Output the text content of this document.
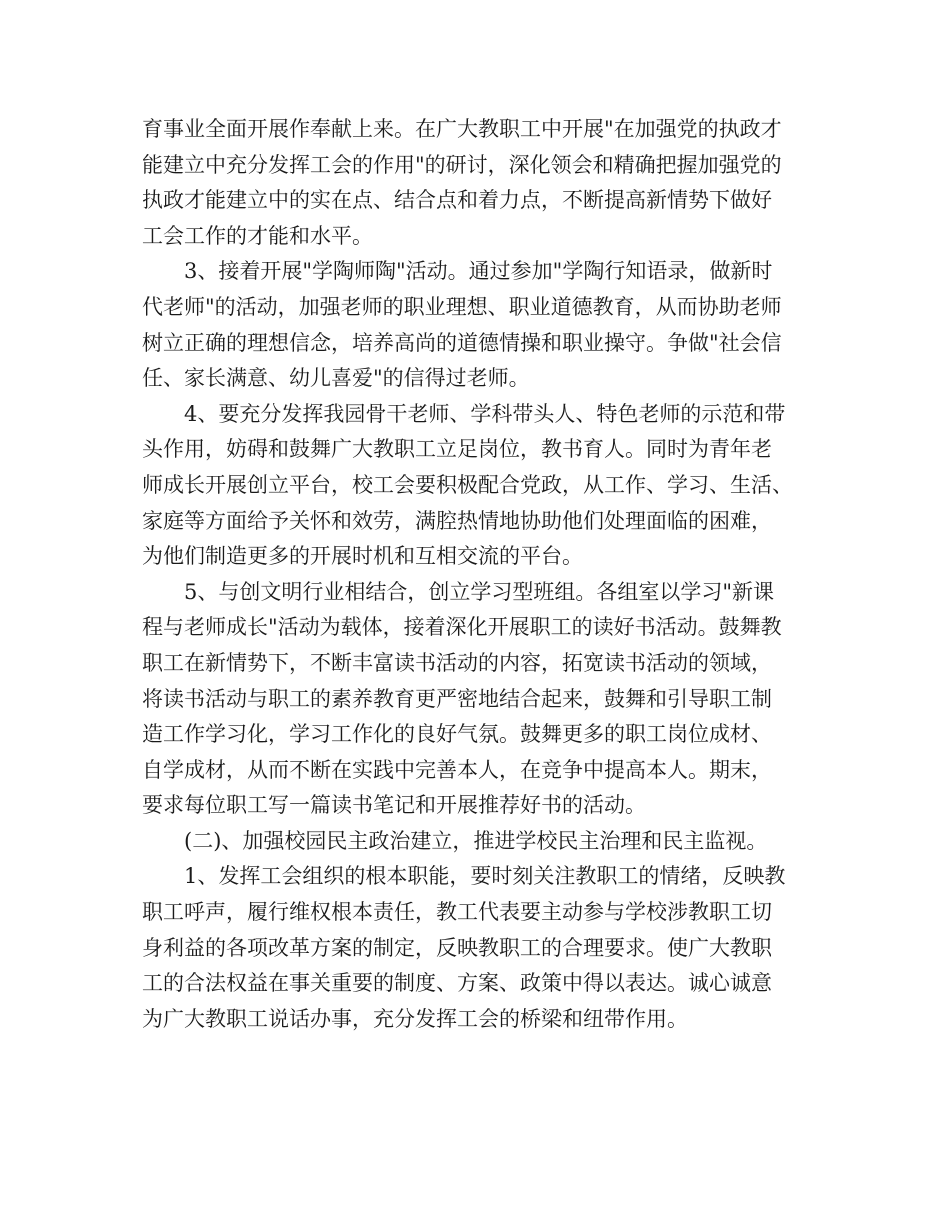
育事业全面开展作奉献上来。在广大教职工中开展"在加强党的执政才
能建立中充分发挥工会的作用"的研讨，深化领会和精确把握加强党的
执政才能建立中的实在点、结合点和着力点，不断提高新情势下做好
工会工作的才能和水平。
3、接着开展"学陶师陶"活动。通过参加"学陶行知语录，做新时
代老师"的活动，加强老师的职业理想、职业道德教育，从而协助老师
树立正确的理想信念，培养高尚的道德情操和职业操守。争做"社会信
任、家长满意、幼儿喜爱"的信得过老师。
4、要充分发挥我园骨干老师、学科带头人、特色老师的示范和带
头作用，妨碍和鼓舞广大教职工立足岗位，教书育人。同时为青年老
师成长开展创立平台，校工会要积极配合党政，从工作、学习、生活、
家庭等方面给予关怀和效劳，满腔热情地协助他们处理面临的困难，
为他们制造更多的开展时机和互相交流的平台。
5、与创文明行业相结合，创立学习型班组。各组室以学习"新课
程与老师成长"活动为载体，接着深化开展职工的读好书活动。鼓舞教
职工在新情势下，不断丰富读书活动的内容，拓宽读书活动的领域，
将读书活动与职工的素养教育更严密地结合起来，鼓舞和引导职工制
造工作学习化，学习工作化的良好气氛。鼓舞更多的职工岗位成材、
自学成材，从而不断在实践中完善本人，在竞争中提高本人。期末，
要求每位职工写一篇读书笔记和开展推荐好书的活动。
(二)、加强校园民主政治建立，推进学校民主治理和民主监视。
1、发挥工会组织的根本职能，要时刻关注教职工的情绪，反映教
职工呼声，履行维权根本责任，教工代表要主动参与学校涉教职工切
身利益的各项改革方案的制定，反映教职工的合理要求。使广大教职
工的合法权益在事关重要的制度、方案、政策中得以表达。诚心诚意
为广大教职工说话办事，充分发挥工会的桥梁和纽带作用。
